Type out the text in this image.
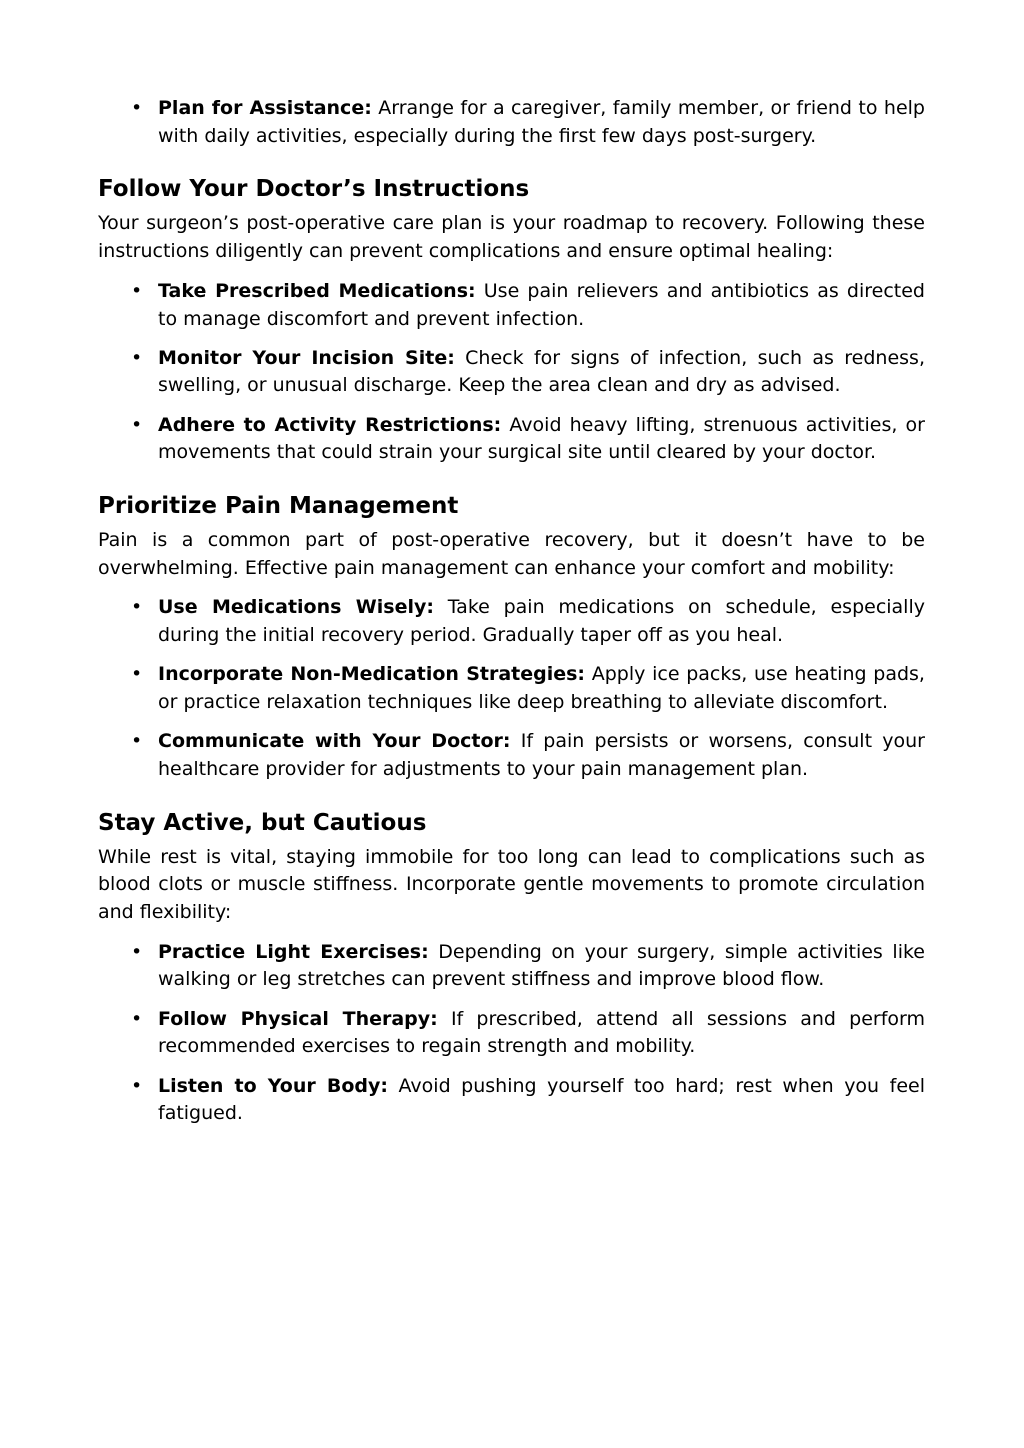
• Plan for Assistance: Arrange for a caregiver, family member, or friend to help with daily activities, especially during the first few days post-surgery.
Follow Your Doctor’s Instructions

Your surgeon’s post-operative care plan is your roadmap to recovery. Following these instructions diligently can prevent complications and ensure optimal healing:

• Take Prescribed Medications: Use pain relievers and antibiotics as directed to manage discomfort and prevent infection.
• Monitor Your Incision Site: Check for signs of infection, such as redness, swelling, or unusual discharge. Keep the area clean and dry as advised.
• Adhere to Activity Restrictions: Avoid heavy lifting, strenuous activities, or movements that could strain your surgical site until cleared by your doctor.
Prioritize Pain Management

Pain is a common part of post-operative recovery, but it doesn’t have to be overwhelming. Effective pain management can enhance your comfort and mobility:

• Use Medications Wisely: Take pain medications on schedule, especially during the initial recovery period. Gradually taper off as you heal.
• Incorporate Non-Medication Strategies: Apply ice packs, use heating pads, or practice relaxation techniques like deep breathing to alleviate discomfort.
• Communicate with Your Doctor: If pain persists or worsens, consult your healthcare provider for adjustments to your pain management plan.
Stay Active, but Cautious

While rest is vital, staying immobile for too long can lead to complications such as blood clots or muscle stiffness. Incorporate gentle movements to promote circulation and flexibility:

• Practice Light Exercises: Depending on your surgery, simple activities like walking or leg stretches can prevent stiffness and improve blood flow.
• Follow Physical Therapy: If prescribed, attend all sessions and perform recommended exercises to regain strength and mobility.
• Listen to Your Body: Avoid pushing yourself too hard; rest when you feel fatigued.
